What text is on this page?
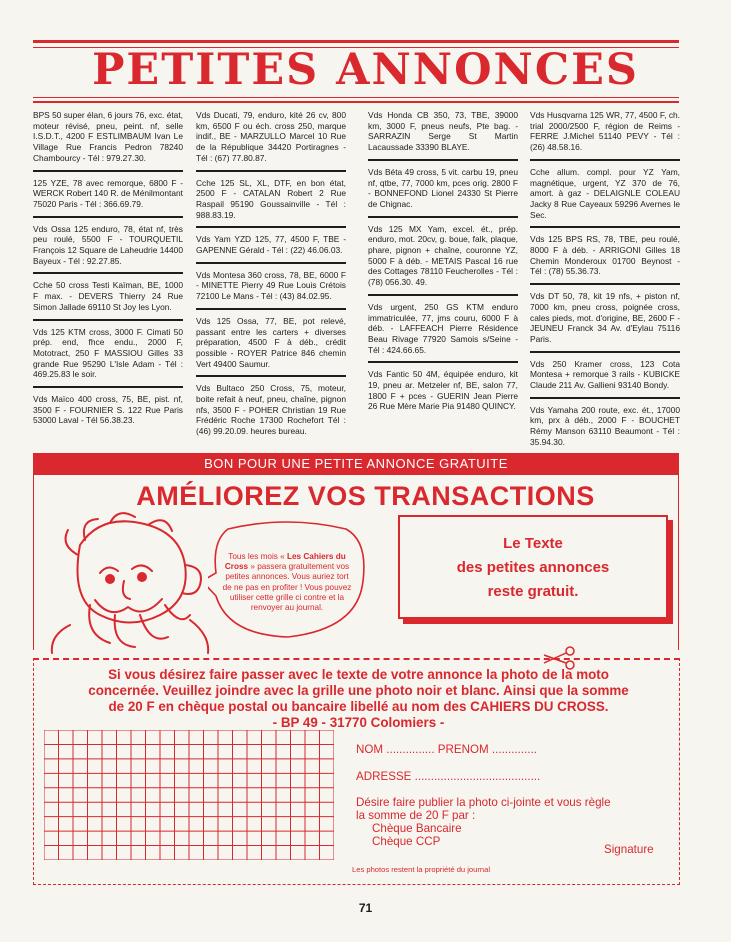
PETITES ANNONCES

BPS 50 super élan, 6 jours 76, exc. état, moteur révisé, pneu, peint. nf, selle I.S.D.T., 4200 F ESTLIMBAUM Ivan Le Village Rue Francis Pedron 78240 Chambourcy - Tél : 979.27.30.

125 YZE, 78 avec remorque, 6800 F - WERCK Robert 140 R. de Ménilmontant 75020 Paris - Tél : 366.69.79.

Vds Ossa 125 enduro, 78, état nf, très peu roulé, 5500 F - TOURQUETIL François 12 Square de Laheudrie 14400 Bayeux - Tél : 92.27.85.

Cche 50 cross Testi Kaïman, BE, 1000 F max. - DEVERS Thierry 24 Rue Simon Jallade 69110 St Joy les Lyon.

Vds 125 KTM cross, 3000 F. Cimati 50 prép. end, fhce endu., 2000 F, Mototract, 250 F MASSIOU Gilles 33 grande Rue 95290 L'Isle Adam - Tél : 469.25.83 le soir.

Vds Maïco 400 cross, 75, BE, pist. nf, 3500 F - FOURNIER S. 122 Rue Paris 53000 Laval - Tél 56.38.23.

Vds Ducati, 79, enduro, kité 26 cv, 800 km, 6500 F ou éch. cross 250, marque indif., BE - MARZULLO Marcel 10 Rue de la République 34420 Portiragnes - Tél : (67) 77.80.87.

Cche 125 SL, XL, DTF, en bon état, 2500 F - CATALAN Robert 2 Rue Raspail 95190 Goussainville - Tél : 988.83.19.

Vds Yam YZD 125, 77, 4500 F, TBE - GAPENNE Gérald - Tél : (22) 46.06.03.

Vds Montesa 360 cross, 78, BE, 6000 F - MINETTE Pierry 49 Rue Louis Crétois 72100 Le Mans - Tél : (43) 84.02.95.

Vds 125 Ossa, 77, BE, pot relevé, passant entre les carters + diverses préparation, 4500 F à déb., crédit possible - ROYER Patrice 846 chemin Vert 49400 Saumur.

Vds Bultaco 250 Cross, 75, moteur, boite refait à neuf, pneu, chaîne, pignon nfs, 3500 F - POHER Christian 19 Rue Frédéric Roche 17300 Rochefort Tél : (46) 99.20.09. heures bureau.

Vds Honda CB 350, 73, TBE, 39000 km, 3000 F, pneus neufs, Pte bag. - SARRAZIN Serge St Martin Lacaussade 33390 BLAYE.

Vds Béta 49 cross, 5 vit. carbu 19, pneu nf, qtbe, 77, 7000 km, pces orig. 2800 F - BONNEFOND Lionel 24330 St Pierre de Chignac.

Vds 125 MX Yam, excel. ét., prép. enduro, mot. 20cv, g. boue, falk, plaque, phare, pignon + chaîne, couronne YZ, 5000 F à déb. - METAIS Pascal 16 rue des Cottages 78110 Feucherolles - Tél : (78) 056.30. 49.

Vds urgent, 250 GS KTM enduro immatriculée, 77, jms couru, 6000 F à déb. - LAFFEACH Pierre Résidence Beau Rivage 77920 Samois s/Seine - Tél : 424.66.65.

Vds Fantic 50 4M, équipée enduro, kit 19, pneu ar. Metzeler nf, BE, salon 77, 1800 F + pces - GUERIN Jean Pierre 26 Rue Mère Marie Pia 91480 QUINCY.

Vds Husqvarna 125 WR, 77, 4500 F, ch. trial 2000/2500 F, région de Reims - FERRE J.Michel 51140 PEVY - Tél : (26) 48.58.16.

Cche allum. compl. pour YZ Yam, magnétique, urgent, YZ 370 de 76, amort. à gaz - DELAIGNLE COLEAU Jacky 8 Rue Cayeaux 59296 Avernes le Sec.

Vds 125 BPS RS, 78, TBE, peu roulé, 8000 F à déb. - ARRIGONI Gilles 18 Chemin Monderoux 01700 Beynost - Tél : (78) 55.36.73.

Vds DT 50, 78, kit 19 nfs, + piston nf, 7000 km, pneu cross, poignée cross, cales pieds, mot. d'origine, BE, 2600 F - JEUNEU Franck 34 Av. d'Eylau 75116 Paris.

Vds 250 Kramer cross, 123 Cota Montesa + remorque 3 rails - KUBICKE Claude 211 Av. Gallieni 93140 Bondy.

Vds Yamaha 200 route, exc. ét., 17000 km, prx à déb., 2000 F - BOUCHET Rémy Manson 63110 Beaumont - Tél : 35.94.30.

BON POUR UNE PETITE ANNONCE GRATUITE
AMÉLIOREZ VOS TRANSACTIONS
Tous les mois « Les Cahiers du Cross » passera gratuitement vos petites annonces. Vous auriez tort de ne pas en profiter ! Vous pouvez utiliser cette grille ci contre et la renvoyer au journal.
Le Texte
des petites annonces
reste gratuit.
Si vous désirez faire passer avec le texte de votre annonce la photo de la moto
concernée. Veuillez joindre avec la grille une photo noir et blanc. Ainsi que la somme
de 20 F en chèque postal ou bancaire libellé au nom des CAHIERS DU CROSS.
- BP 49 - 31770 Colomiers -
NOM ............... PRENOM ..............
ADRESSE .......................................
Désire faire publier la photo ci-jointe et vous règle
la somme de 20 F par :
Chèque Bancaire
Chèque CCP
Signature
Les photos restent la propriété du journal
71
